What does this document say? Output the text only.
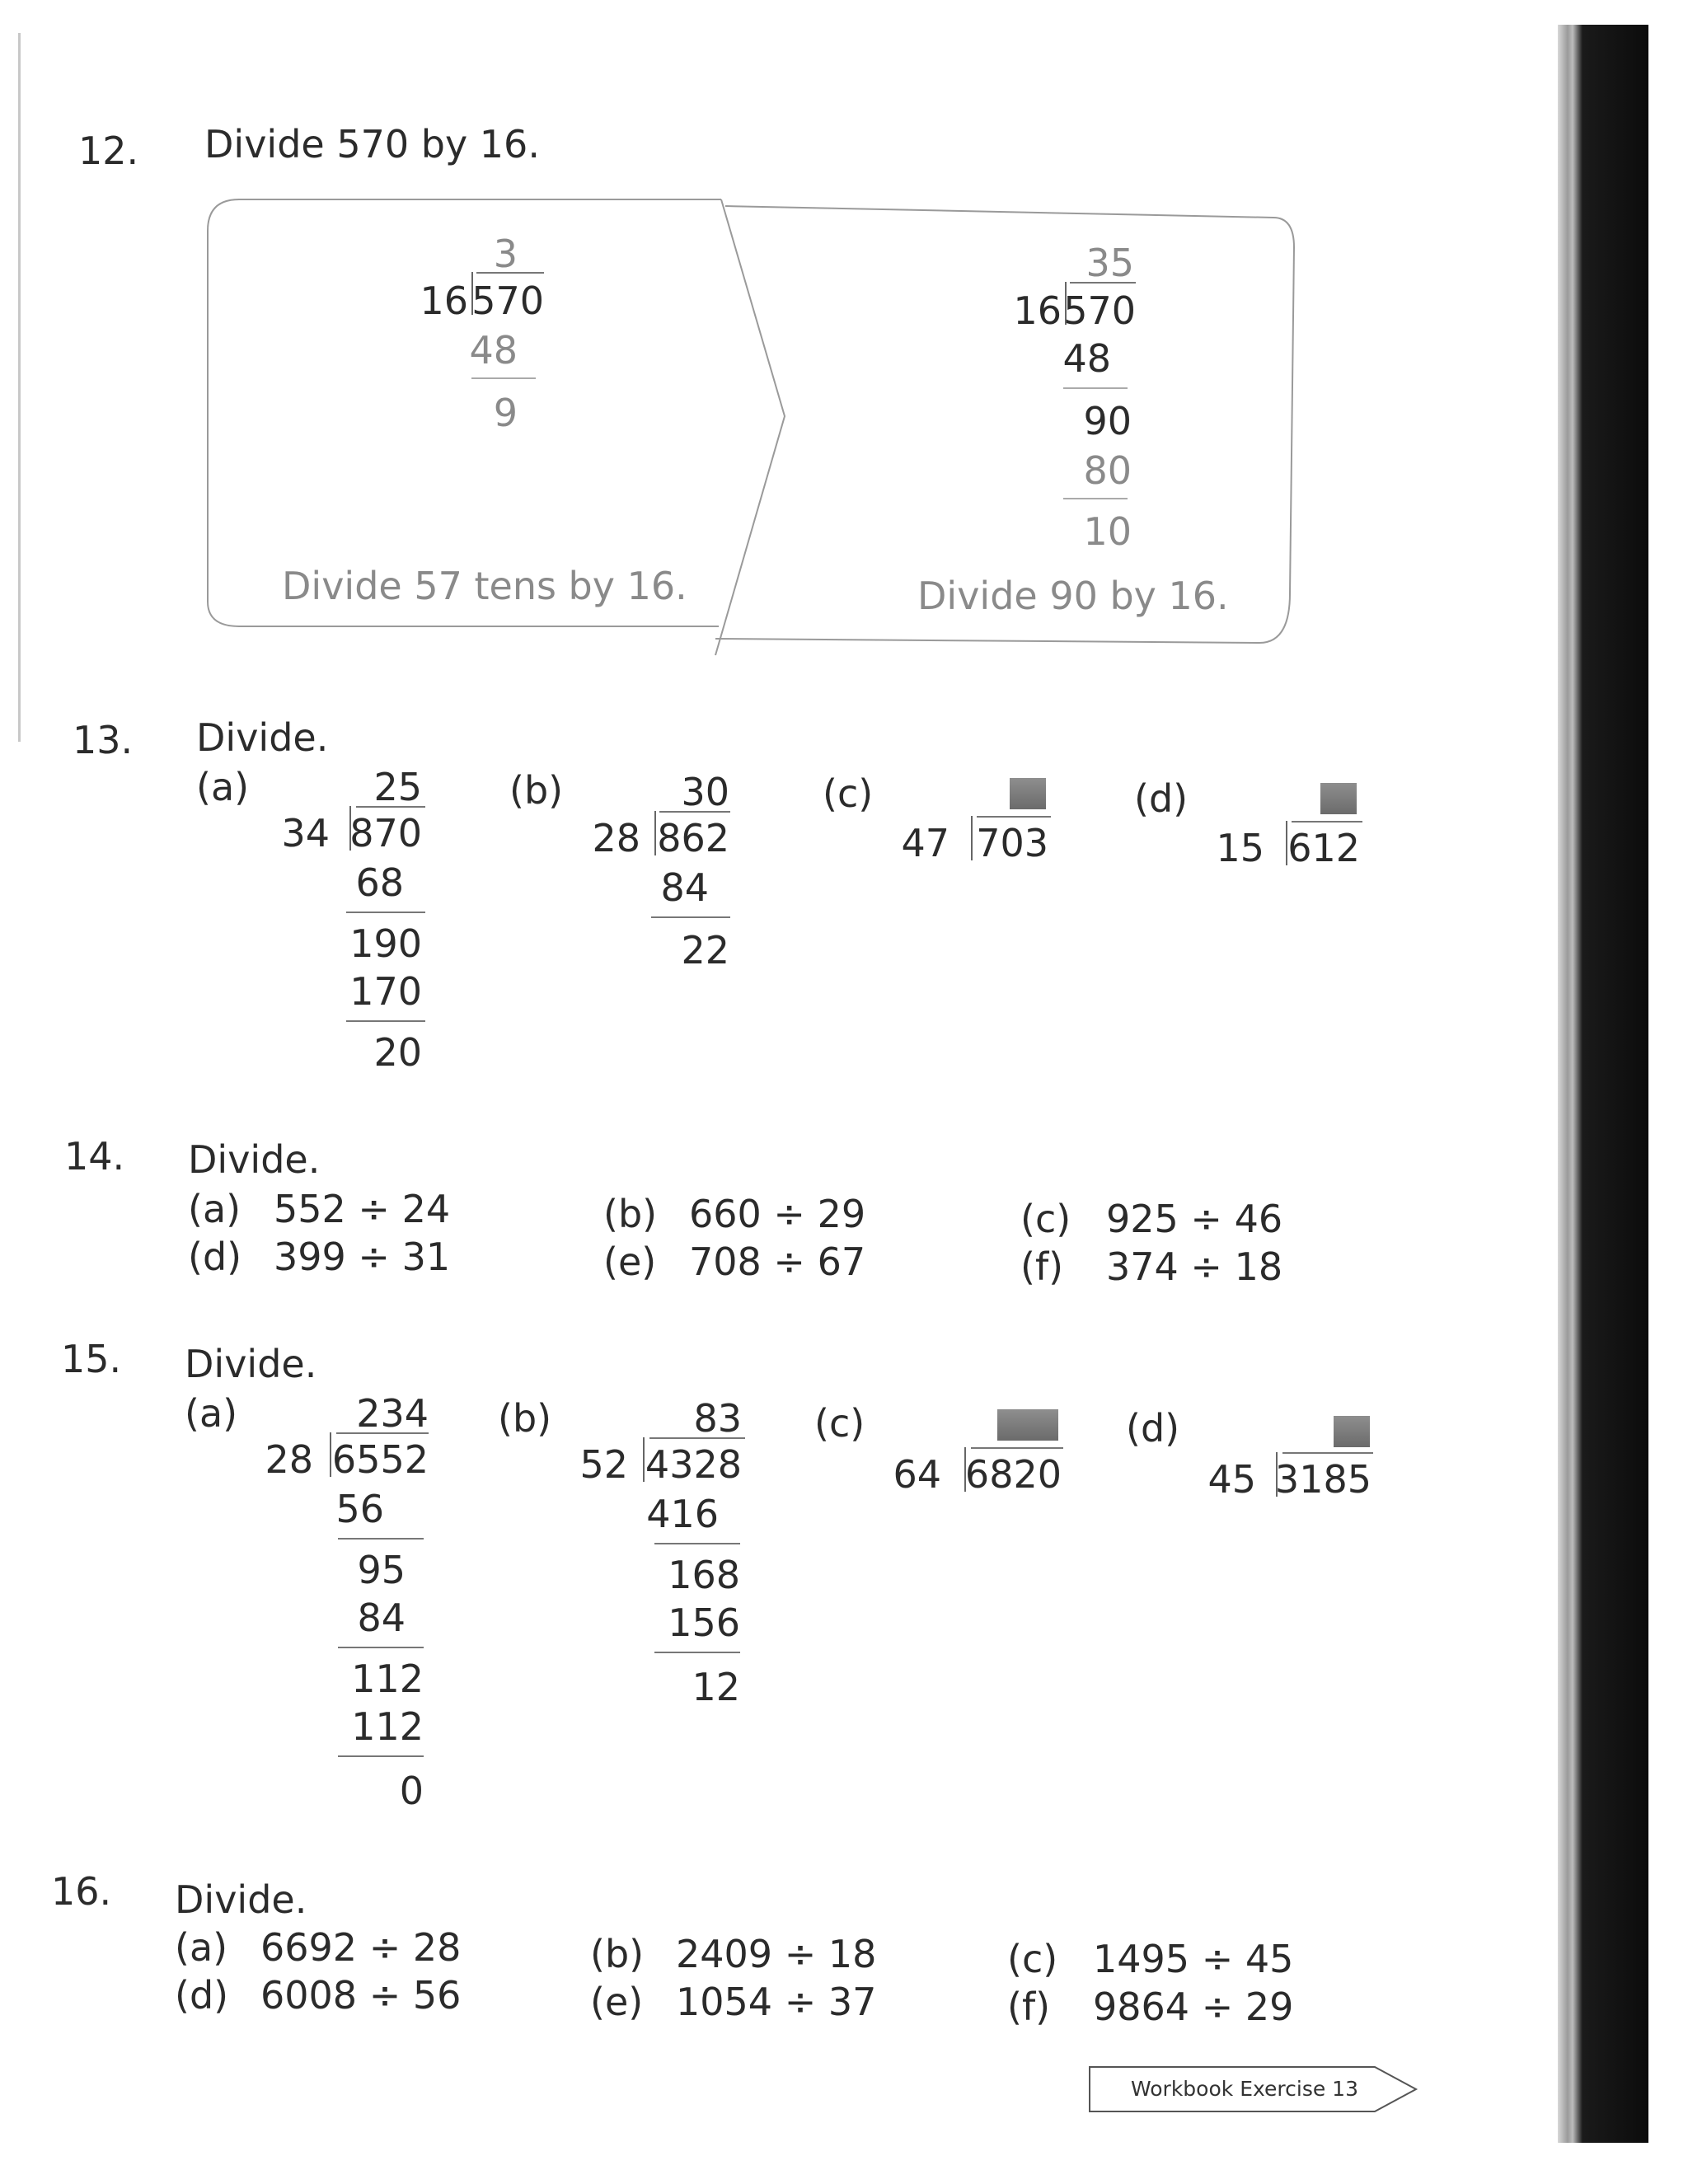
12. Divide 570 by 16.
3
16 570
48
9
Divide 57 tens by 16.
35
16 570
48
90
80
10
Divide 90 by 16.
13. Divide.
(a)	25
34 870
68
190
170
20
(b)	30
28 862
84
22
(c)
47 703
(d)
15 612
14. Divide.
(a) 552 ÷ 24	(b) 660 ÷ 29	(c) 925 ÷ 46
(d) 399 ÷ 31	(e) 708 ÷ 67	(f) 374 ÷ 18
15. Divide.
(a)	234
28 6552
56
95
84
112
112
0
(b)	83
52 4328
416
168
156
12
(c)
64 6820
(d)
45 3185
16. Divide.
(a) 6692 ÷ 28	(b) 2409 ÷ 18	(c) 1495 ÷ 45
(d) 6008 ÷ 56	(e) 1054 ÷ 37	(f) 9864 ÷ 29
Workbook Exercise 13
